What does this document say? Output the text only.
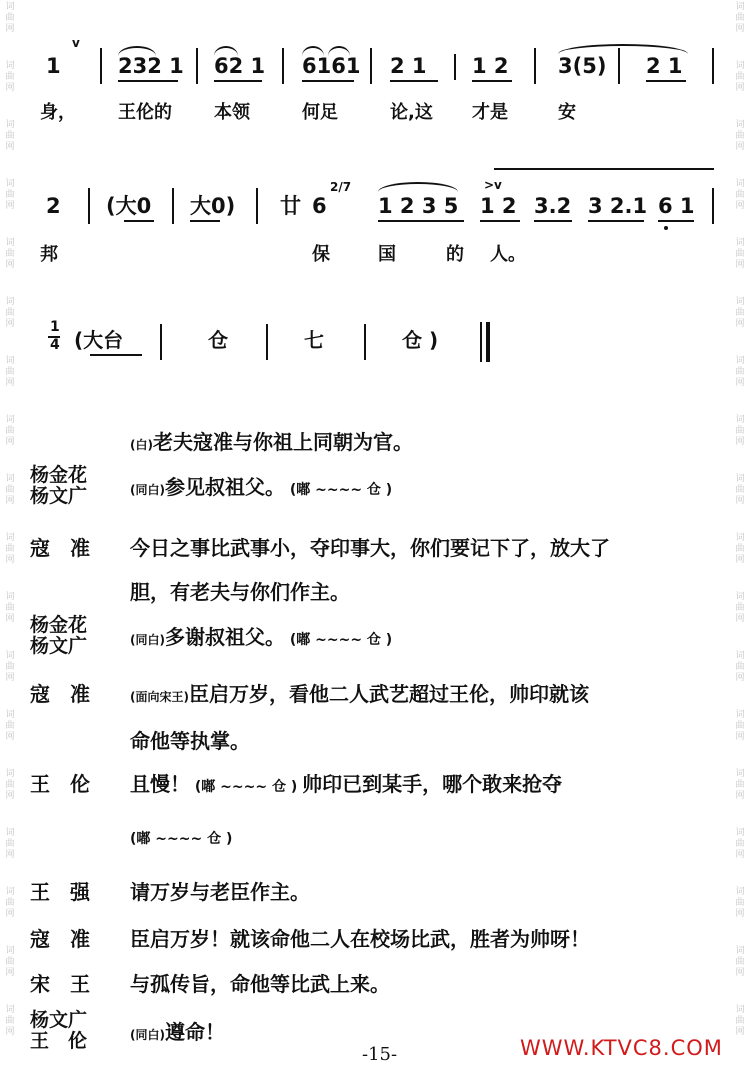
词
曲
网
词
曲
网
词
曲
网
词
曲
网
词
曲
网
词
曲
网
词
曲
网
词
曲
网
词
曲
网
词
曲
网
词
曲
网
词
曲
网
词
曲
网
词
曲
网
词
曲
网
词
曲
网
词
曲
网
词
曲
网
词
曲
网
词
曲
网
词
曲
网
词
曲
网
词
曲
网
词
曲
网
词
曲
网
词
曲
网
词
曲
网
词
曲
网
词
曲
网
词
曲
网
词
曲
网
词
曲
网
词
曲
网
词
曲
网
词
曲
网
词
曲
网
1
v
232 1 62 1 6161 2 1 1 2 3(5) 2 1
身， 王伦的 本领	何足	论,这 才是	安
2 (大0 大0) 廿 6
2/7
1 2 3 5
>v
1 2 3.2 3 2.1 6 1
邦	保	国	的 人。
1
4 (大台	仓	七	仓 )
(白)老夫寇准与你祖上同朝为官。
杨金花
杨文广	(同白)参见叔祖父。 (嘟 ~~~~ 仓 )
寇　准	今日之事比武事小，夺印事大，你们要记下了，放大了
胆，有老夫与你们作主。
杨金花
杨文广	(同白)多谢叔祖父。 (嘟 ~~~~ 仓 )
寇　准	(面向宋王)臣启万岁，看他二人武艺超过王伦，帅印就该
命他等执掌。
王　伦	且慢！ (嘟 ~~~~ 仓 ) 帅印已到某手，哪个敢来抢夺
(嘟 ~~~~ 仓 )
王　强	请万岁与老臣作主。
寇　准	臣启万岁！就该命他二人在校场比武，胜者为帅呀！
宋　王	与孤传旨，命他等比武上来。
杨文广
王　伦	(同白)遵命！
-15-	WWW.KTVC8.COM
